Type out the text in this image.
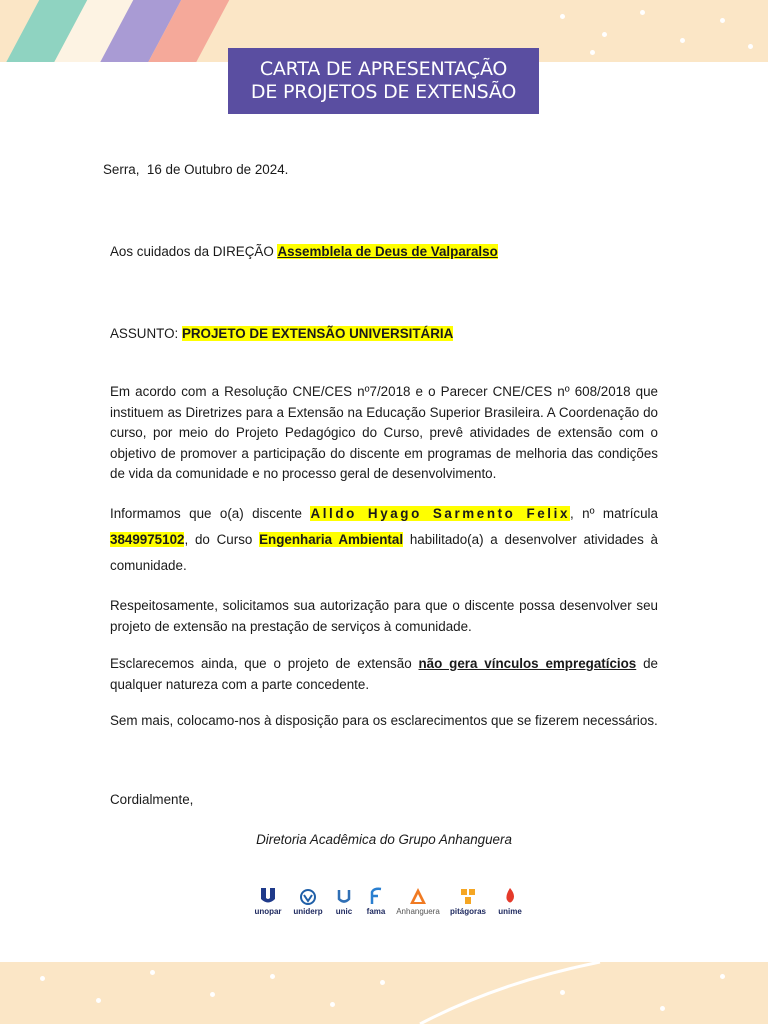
CARTA DE APRESENTAÇÃO
DE PROJETOS DE EXTENSÃO
Serra,  16 de Outubro de 2024.
Aos cuidados da DIREÇÃO Assemblela de Deus de Valparalso
ASSUNTO: PROJETO DE EXTENSÃO UNIVERSITÁRIA
Em acordo com a Resolução CNE/CES nº7/2018 e o Parecer CNE/CES nº 608/2018 que instituem as Diretrizes para a Extensão na Educação Superior Brasileira. A Coordenação do curso, por meio do Projeto Pedagógico do Curso, prevê atividades de extensão com o objetivo de promover a participação do discente em programas de melhoria das condições de vida da comunidade e no processo geral de desenvolvimento.
Informamos que o(a) discente Alldo Hyago Sarmento Felix, nº matrícula 3849975102, do Curso Engenharia Ambiental habilitado(a) a desenvolver atividades à comunidade.
Respeitosamente, solicitamos sua autorização para que o discente possa desenvolver seu projeto de extensão na prestação de serviços à comunidade.
Esclarecemos ainda, que o projeto de extensão não gera vínculos empregatícios de qualquer natureza com a parte concedente.
Sem mais, colocamo-nos à disposição para os esclarecimentos que se fizerem necessários.
Cordialmente,
Diretoria Acadêmica do Grupo Anhanguera
unopar	uniderp	unic	fama	Anhanguera	pitágoras	unime
